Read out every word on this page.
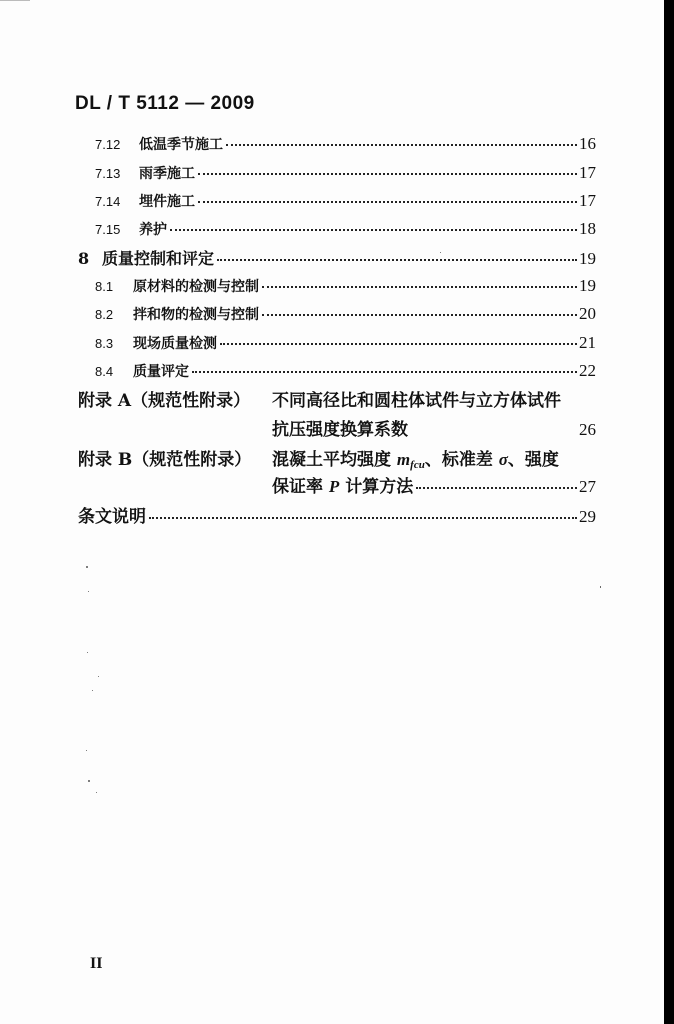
DL / T 5112 — 2009
7.12	低温季节施工	16
7.13	雨季施工	17
7.14	埋件施工	17
7.15	养护	18
8 质量控制和评定	19
8.1	原材料的检测与控制	19
8.2	拌和物的检测与控制	20
8.3	现场质量检测	21
8.4	质量评定	22
附录 A（规范性附录） 不同高径比和圆柱体试件与立方体试件
抗压强度换算系数	26
附录 B（规范性附录） 混凝土平均强度 mfcu、标准差 σ、强度
保证率 P 计算方法	27
条文说明	29
II
